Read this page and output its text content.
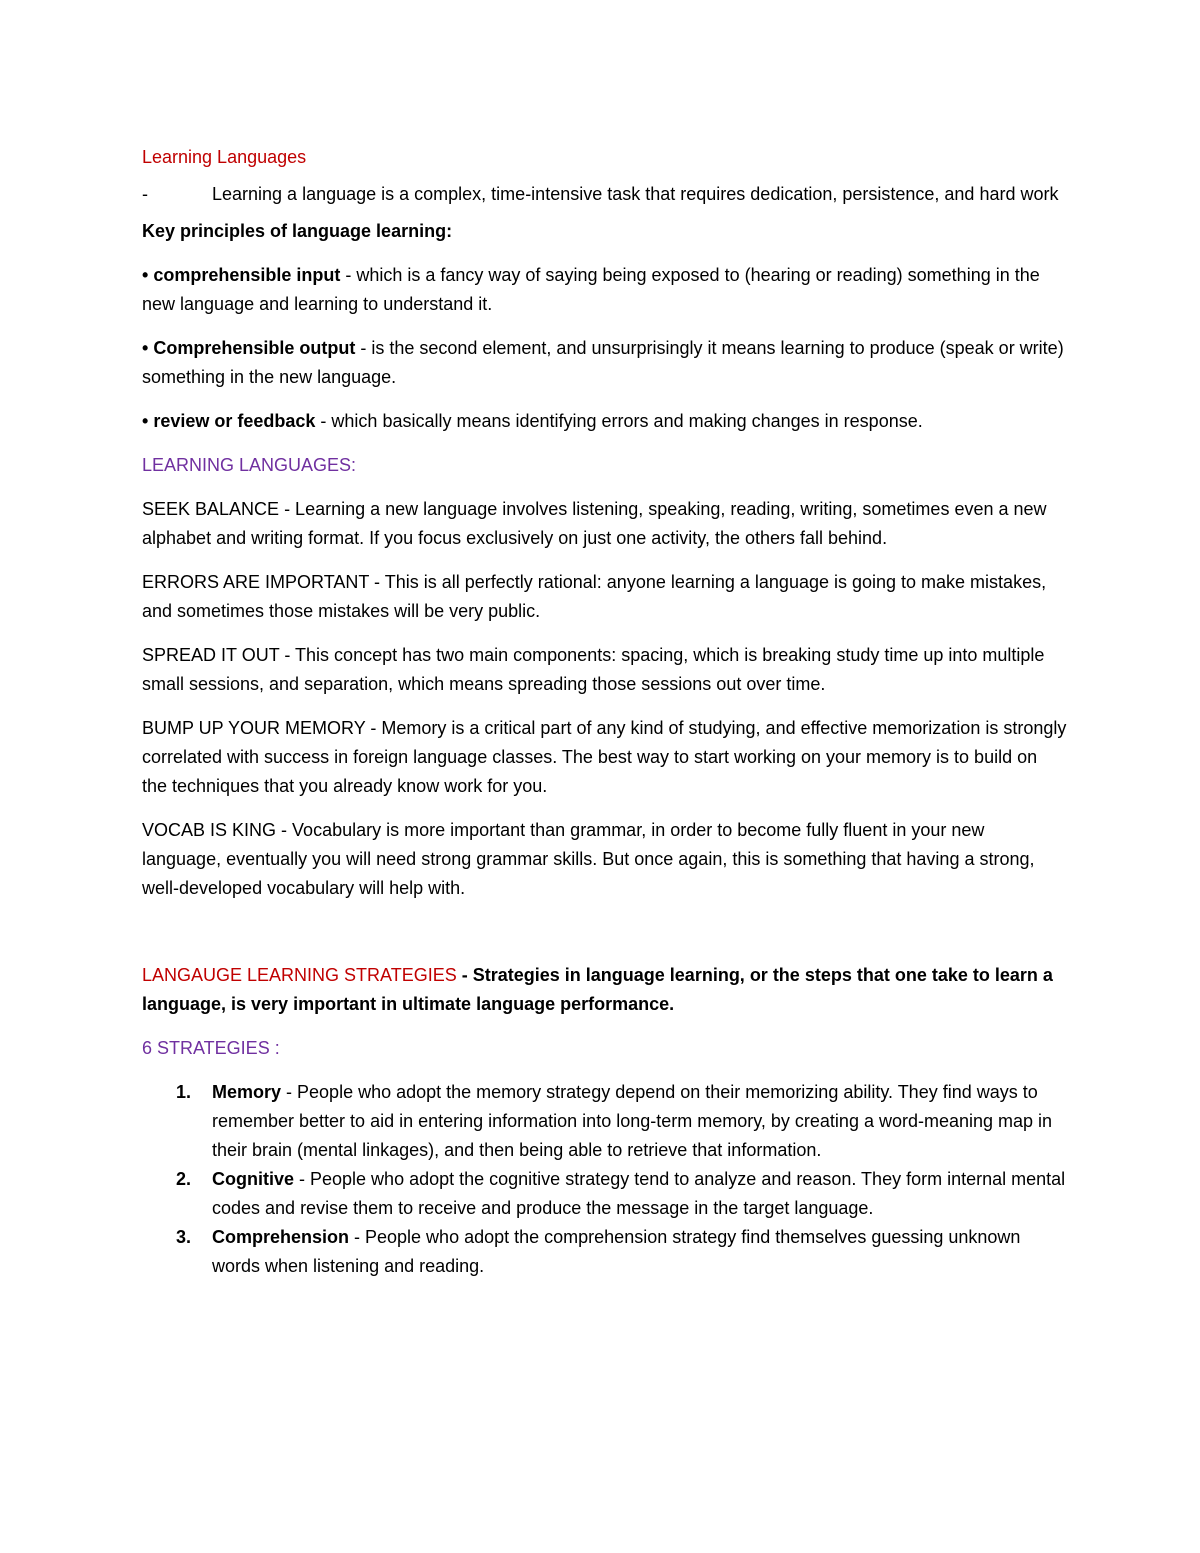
Learning Languages

-	Learning a language is a complex, time-intensive task that requires dedication, persistence, and hard work

Key principles of language learning:

• comprehensible input - which is a fancy way of saying being exposed to (hearing or reading) something in the new language and learning to understand it.

• Comprehensible output - is the second element, and unsurprisingly it means learning to produce (speak or write) something in the new language.

• review or feedback - which basically means identifying errors and making changes in response.

LEARNING LANGUAGES:

SEEK BALANCE - Learning a new language involves listening, speaking, reading, writing, sometimes even a new alphabet and writing format. If you focus exclusively on just one activity, the others fall behind.

ERRORS ARE IMPORTANT - This is all perfectly rational: anyone learning a language is going to make mistakes, and sometimes those mistakes will be very public.

SPREAD IT OUT - This concept has two main components: spacing, which is breaking study time up into multiple small sessions, and separation, which means spreading those sessions out over time.

BUMP UP YOUR MEMORY - Memory is a critical part of any kind of studying, and effective memorization is strongly correlated with success in foreign language classes. The best way to start working on your memory is to build on the techniques that you already know work for you.

VOCAB IS KING - Vocabulary is more important than grammar, in order to become fully fluent in your new language, eventually you will need strong grammar skills. But once again, this is something that having a strong, well-developed vocabulary will help with.

LANGAUGE LEARNING STRATEGIES - Strategies in language learning, or the steps that one take to learn a language, is very important in ultimate language performance.

6 STRATEGIES :

1.	Memory - People who adopt the memory strategy depend on their memorizing ability. They find ways to remember better to aid in entering information into long-term memory, by creating a word-meaning map in their brain (mental linkages), and then being able to retrieve that information.
2.	Cognitive - People who adopt the cognitive strategy tend to analyze and reason. They form internal mental codes and revise them to receive and produce the message in the target language.
3.	Comprehension - People who adopt the comprehension strategy find themselves guessing unknown words when listening and reading.
